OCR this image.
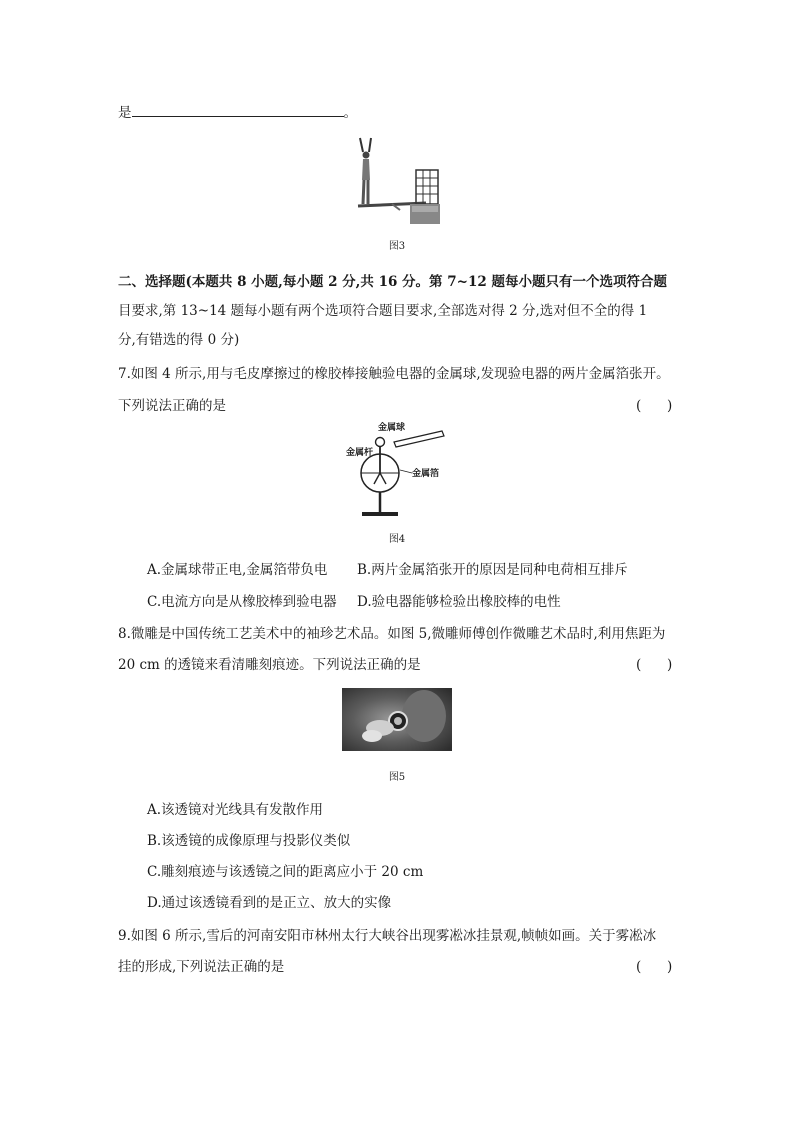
是	。
图3
二、选择题(本题共 8 小题,每小题 2 分,共 16 分。第 7~12 题每小题只有一个选项符合题
目要求,第 13~14 题每小题有两个选项符合题目要求,全部选对得 2 分,选对但不全的得 1
分,有错选的得 0 分)
7.如图 4 所示,用与毛皮摩擦过的橡胶棒接触验电器的金属球,发现验电器的两片金属箔张开。
下列说法正确的是	(      )
金属球
金属杆
金属箔
图4
A.金属球带正电,金属箔带负电 B.两片金属箔张开的原因是同种电荷相互排斥
C.电流方向是从橡胶棒到验电器 D.验电器能够检验出橡胶棒的电性
8.微雕是中国传统工艺美术中的袖珍艺术品。如图 5,微雕师傅创作微雕艺术品时,利用焦距为
20 cm 的透镜来看清雕刻痕迹。下列说法正确的是	(      )
图5
A.该透镜对光线具有发散作用
B.该透镜的成像原理与投影仪类似
C.雕刻痕迹与该透镜之间的距离应小于 20 cm
D.通过该透镜看到的是正立、放大的实像
9.如图 6 所示,雪后的河南安阳市林州太行大峡谷出现雾凇冰挂景观,帧帧如画。关于雾凇冰
挂的形成,下列说法正确的是	(      )
